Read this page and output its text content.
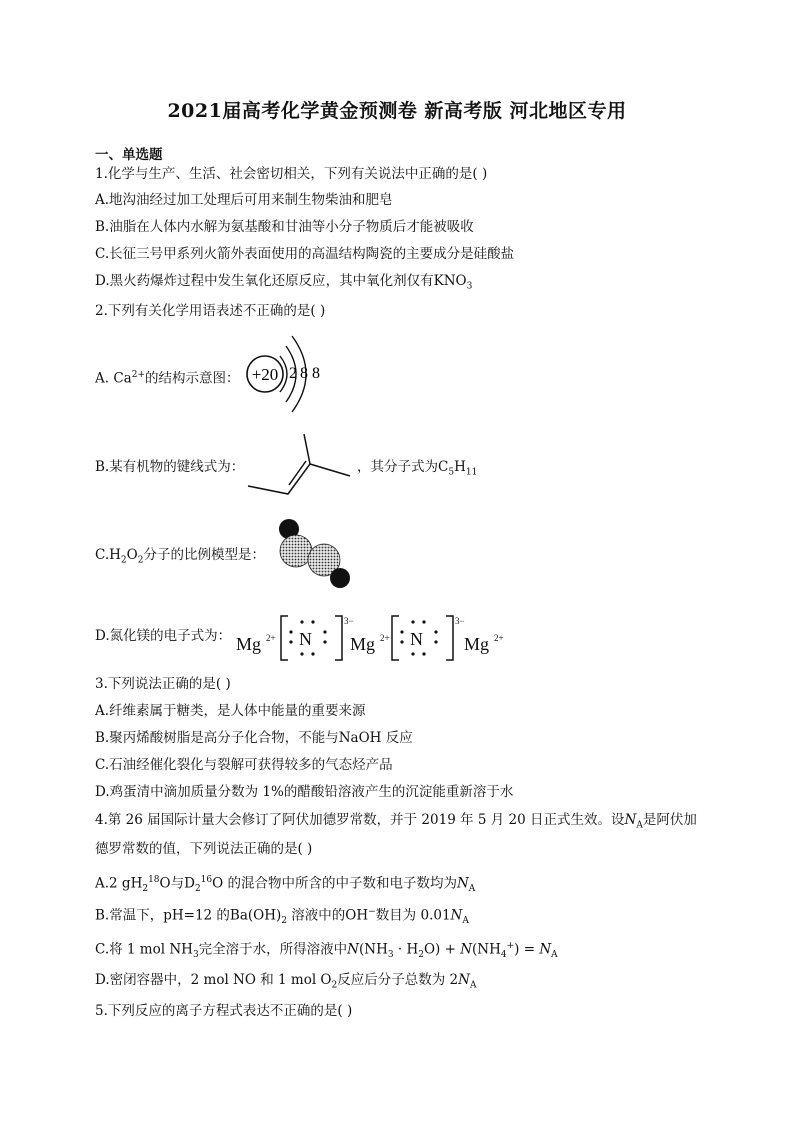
2021届高考化学黄金预测卷 新高考版 河北地区专用
一、单选题
1.化学与生产、生活、社会密切相关，下列有关说法中正确的是( )
A.地沟油经过加工处理后可用来制生物柴油和肥皂
B.油脂在人体内水解为氨基酸和甘油等小分子物质后才能被吸收
C.长征三号甲系列火箭外表面使用的高温结构陶瓷的主要成分是硅酸盐
D.黑火药爆炸过程中发生氧化还原反应，其中氧化剂仅有$KNO_3$
2.下列有关化学用语表述不正确的是( )
A. $Ca^{2+}$的结构示意图： +20 2 8 8
B.某有机物的键线式为：	，其分子式为$C_5H_{11}$
$C.H_2O_2$分子的比例模型是：
D.氮化镁的电子式为： Mg 2+ N
3−
Mg 2+ N
3−
Mg 2+
3.下列说法正确的是( )
A.纤维素属于糖类，是人体中能量的重要来源
B.聚丙烯酸树脂是高分子化合物，不能与NaOH 反应
C.石油经催化裂化与裂解可获得较多的气态烃产品
D.鸡蛋清中滴加质量分数为 1%的醋酸铅溶液产生的沉淀能重新溶于水
4.第 26 届国际计量大会修订了阿伏加德罗常数，并于 2019 年 5 月 20 日正式生效。设$N_A$是阿伏加
德罗常数的值，下列说法正确的是( )
A.2 $gH_2^{18}O$与$D_2^{16}O$ 的混合物中所含的中子数和电子数均为$N_A$
B.常温下，pH=12 的$Ba(OH)_2$ 溶液中的OH−数目为 $0.01N_A$
C.将 1 mol $NH_3$完全溶于水，所得溶液中$N(NH_3 \cdot H_2O) + N(NH_4^+) = N_A$
D.密闭容器中，2 mol NO 和 1 mol $O_2$反应后分子总数为 $2N_A$
5.下列反应的离子方程式表达不正确的是( )
